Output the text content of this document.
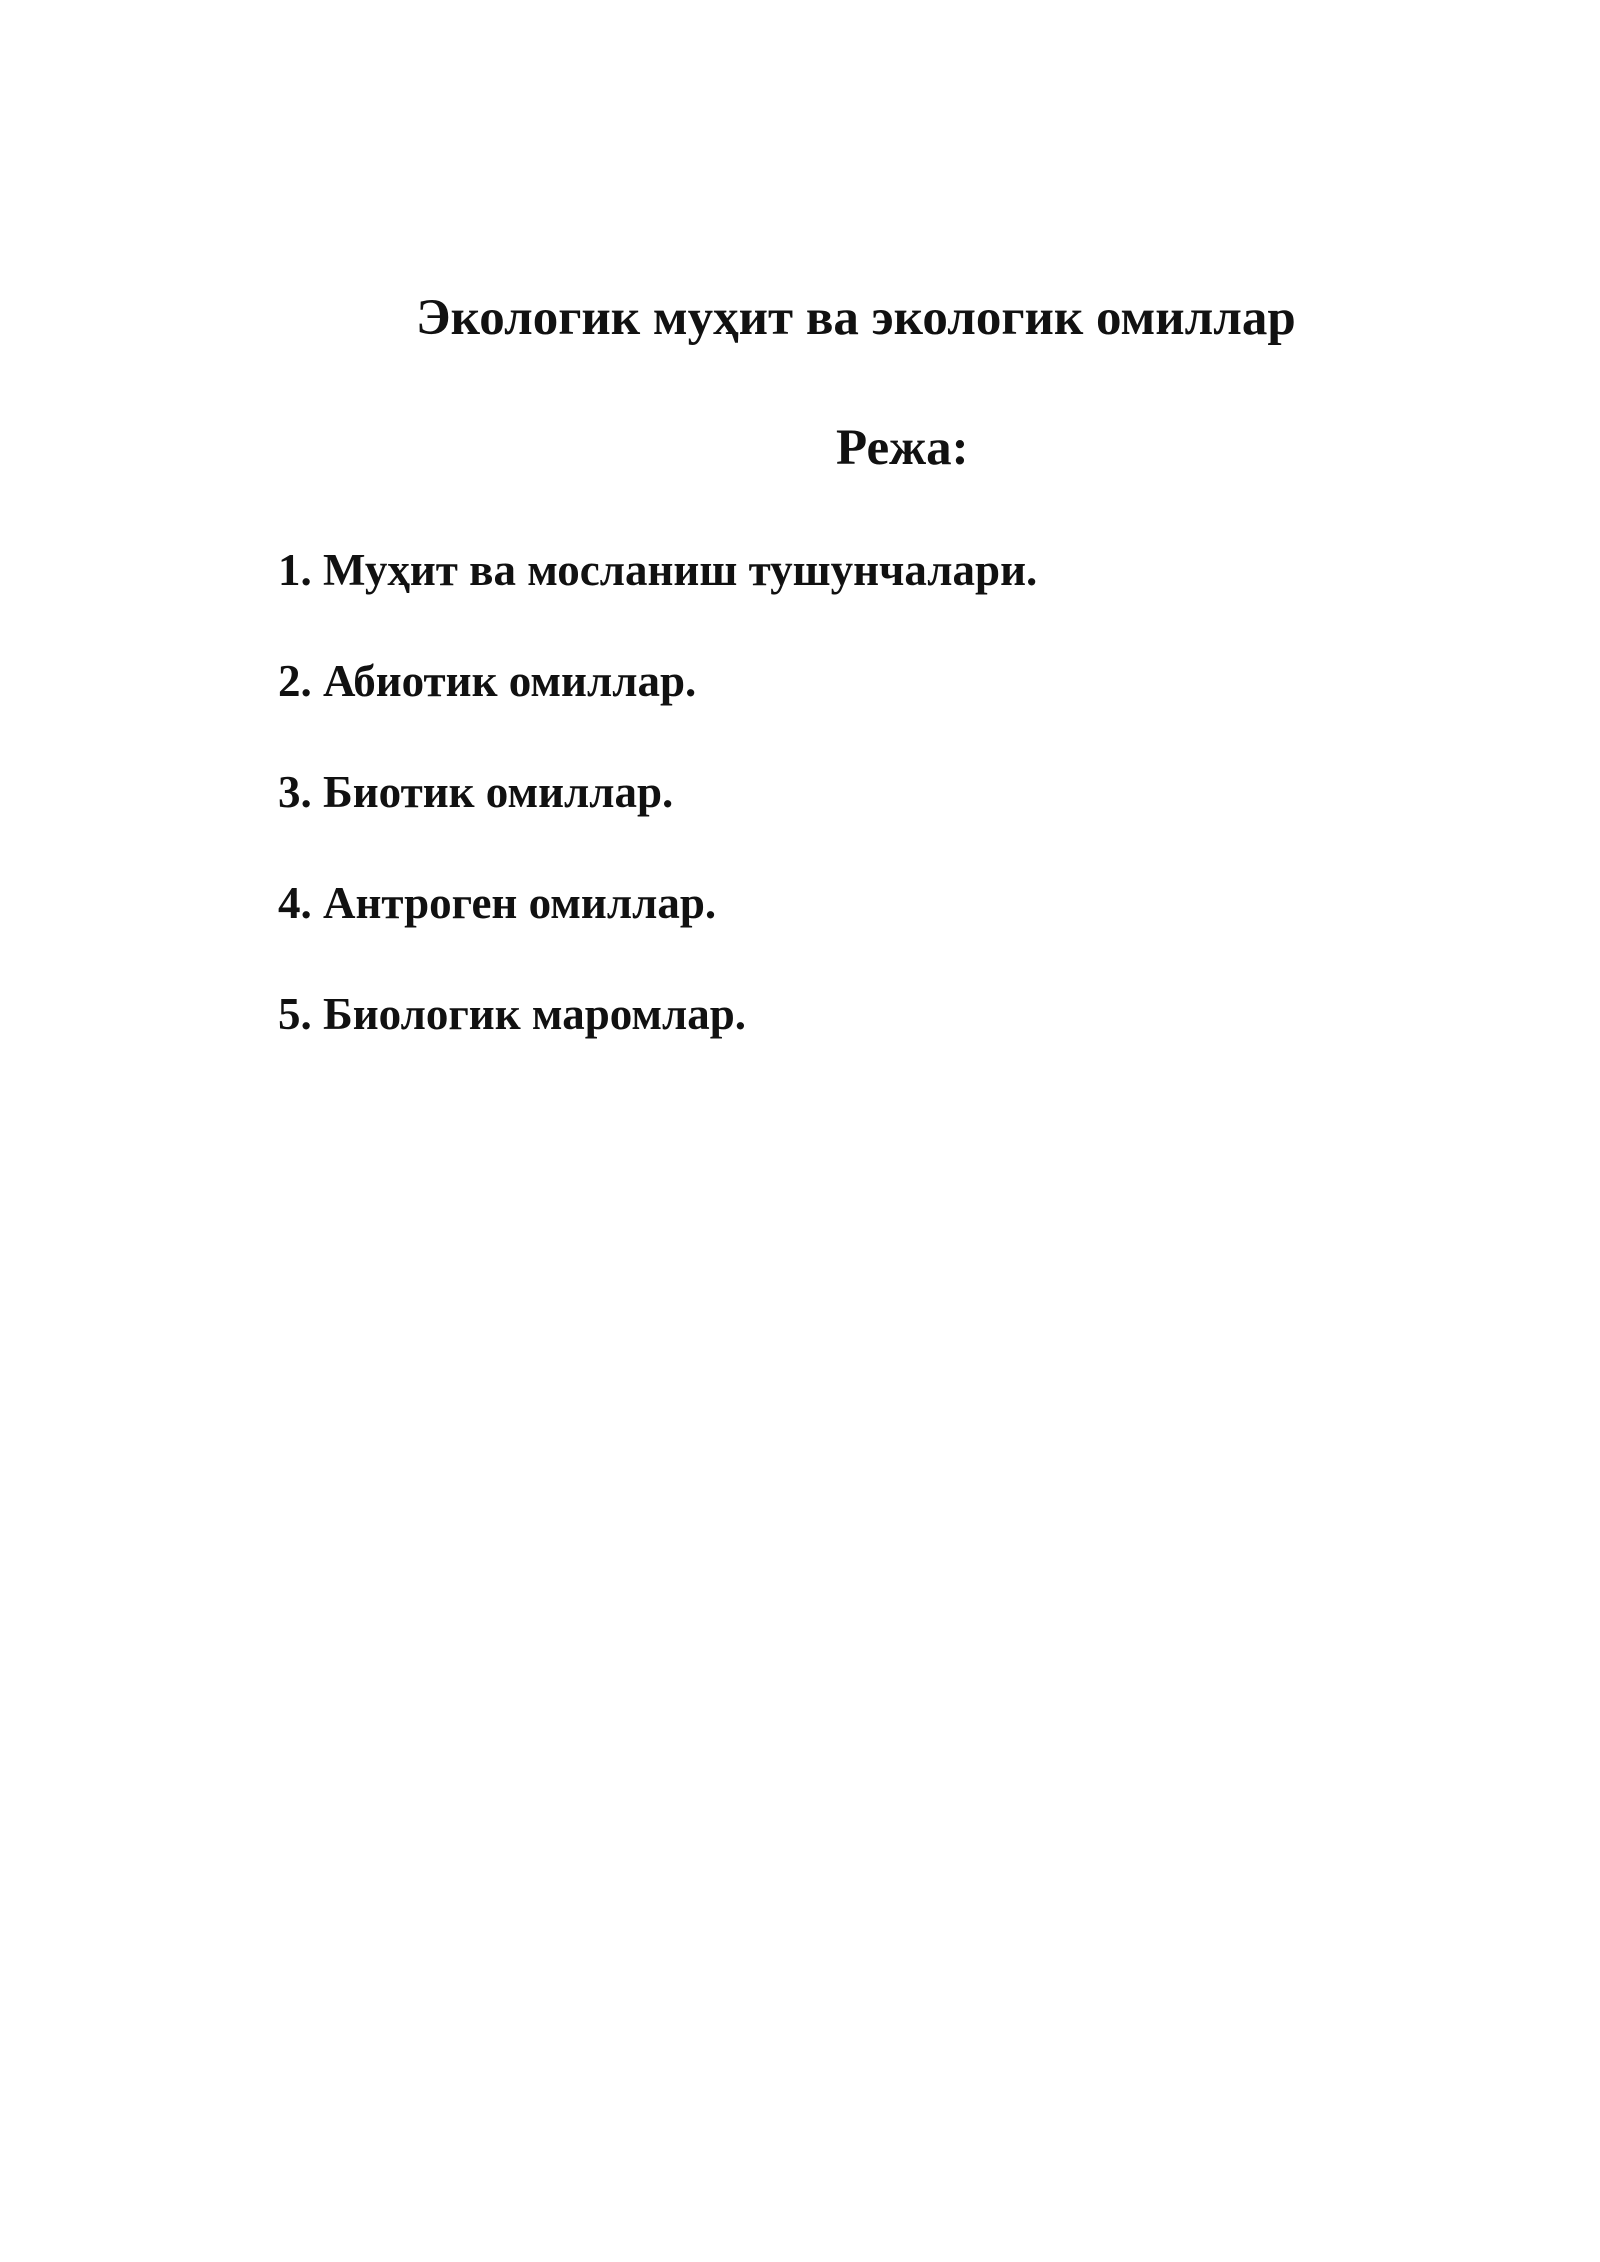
Экологик муҳит ва экологик омиллар
Режа:
1. Муҳит ва мосланиш тушунчалари.
2. Абиотик омиллар.
3. Биотик омиллар.
4. Антроген омиллар.
5. Биологик маромлар.
